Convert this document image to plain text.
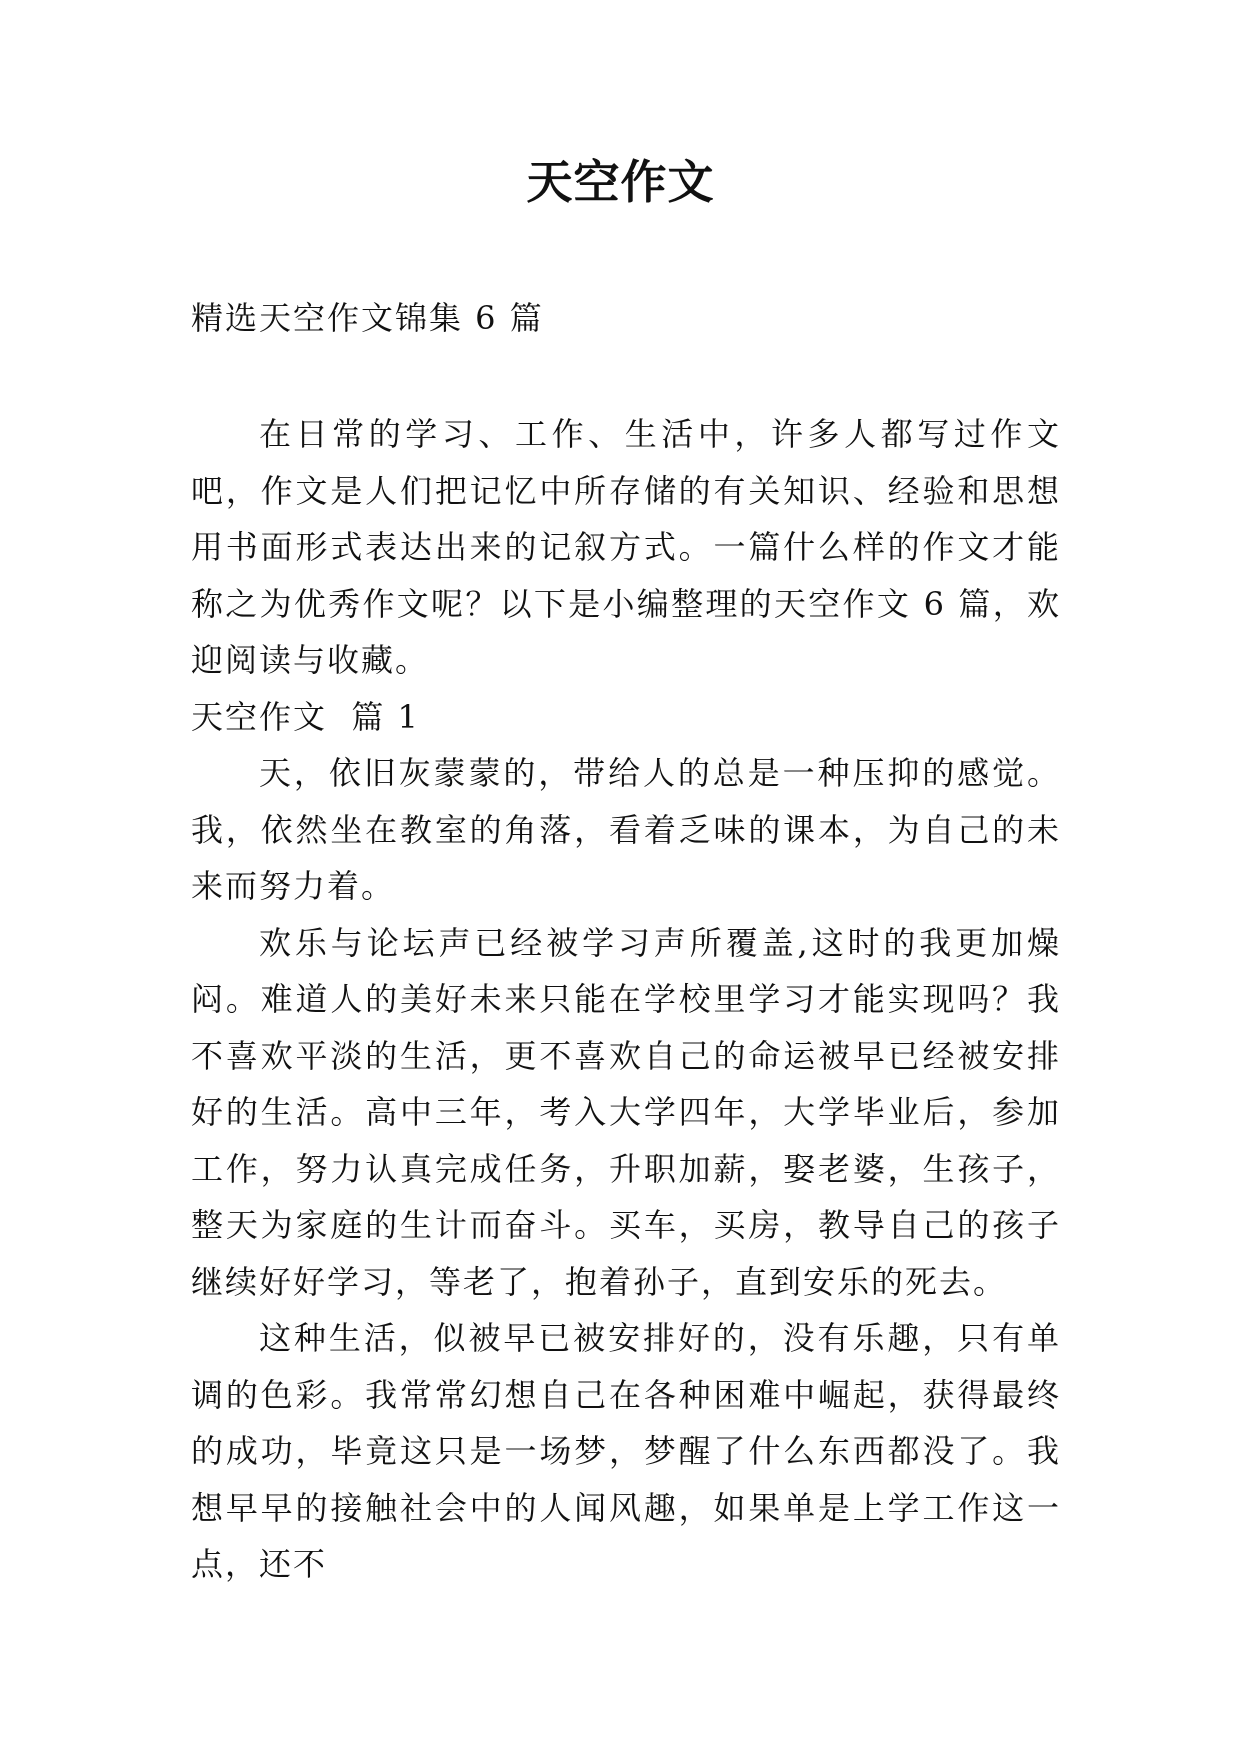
天空作文
精选天空作文锦集 6 篇

在日常的学习、工作、生活中，许多人都写过作文吧，作文是人们把记忆中所存储的有关知识、经验和思想用书面形式表达出来的记叙方式。一篇什么样的作文才能称之为优秀作文呢？以下是小编整理的天空作文 6 篇，欢迎阅读与收藏。

天空作文  篇 1

天，依旧灰蒙蒙的，带给人的总是一种压抑的感觉。我，依然坐在教室的角落，看着乏味的课本，为自己的未来而努力着。

欢乐与论坛声已经被学习声所覆盖,这时的我更加燥闷。难道人的美好未来只能在学校里学习才能实现吗？我不喜欢平淡的生活，更不喜欢自己的命运被早已经被安排好的生活。高中三年，考入大学四年，大学毕业后，参加工作，努力认真完成任务，升职加薪，娶老婆，生孩子，整天为家庭的生计而奋斗。买车，买房，教导自己的孩子继续好好学习，等老了，抱着孙子，直到安乐的死去。

这种生活，似被早已被安排好的，没有乐趣，只有单调的色彩。我常常幻想自己在各种困难中崛起，获得最终的成功，毕竟这只是一场梦，梦醒了什么东西都没了。我想早早的接触社会中的人闻风趣，如果单是上学工作这一点，还不
